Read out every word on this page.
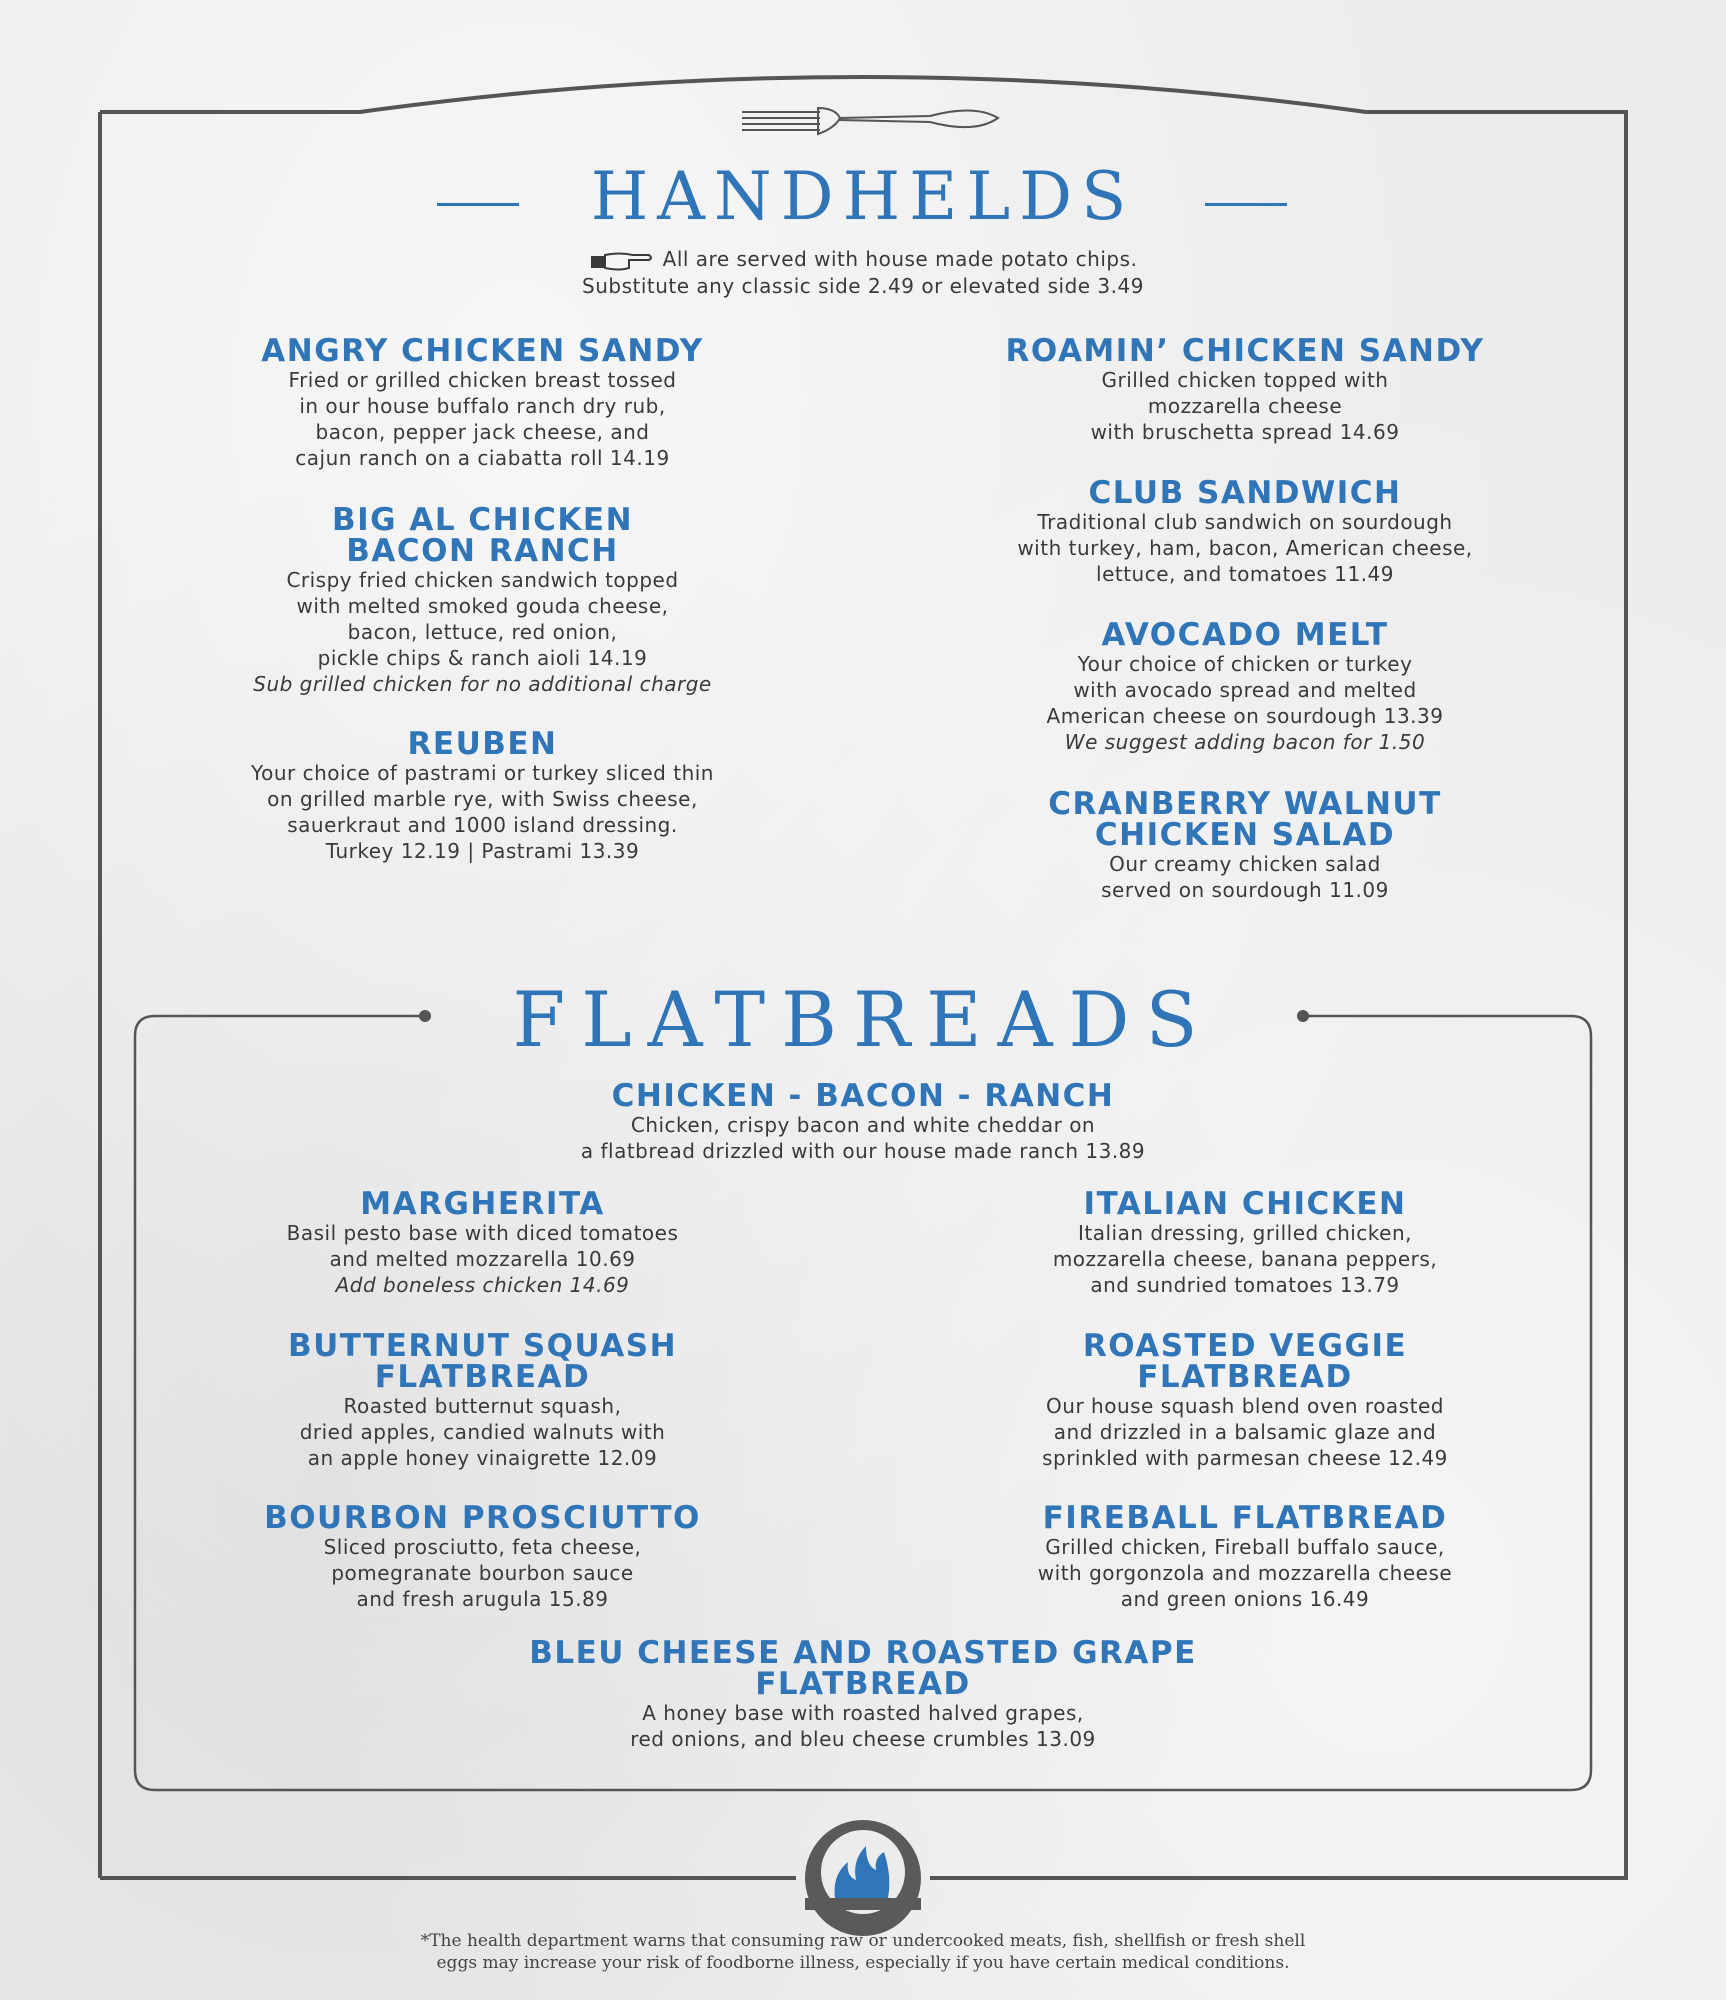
HANDHELDS
All are served with house made potato chips.
Substitute any classic side 2.49 or elevated side 3.49
ANGRY CHICKEN SANDY

Fried or grilled chicken breast tossed

in our house buffalo ranch dry rub,

bacon, pepper jack cheese, and

cajun ranch on a ciabatta roll 14.19

BIG AL CHICKEN
BACON RANCH

Crispy fried chicken sandwich topped

with melted smoked gouda cheese,

bacon, lettuce, red onion,

pickle chips & ranch aioli 14.19

Sub grilled chicken for no additional charge

REUBEN

Your choice of pastrami or turkey sliced thin

on grilled marble rye, with Swiss cheese,

sauerkraut and 1000 island dressing.

Turkey 12.19 | Pastrami 13.39

ROAMIN’ CHICKEN SANDY

Grilled chicken topped with

mozzarella cheese

with bruschetta spread 14.69

CLUB SANDWICH

Traditional club sandwich on sourdough

with turkey, ham, bacon, American cheese,

lettuce, and tomatoes 11.49

AVOCADO MELT

Your choice of chicken or turkey

with avocado spread and melted

American cheese on sourdough 13.39

We suggest adding bacon for 1.50

CRANBERRY WALNUT
CHICKEN SALAD

Our creamy chicken salad

served on sourdough 11.09

FLATBREADS
CHICKEN - BACON - RANCH

Chicken, crispy bacon and white cheddar on

a flatbread drizzled with our house made ranch 13.89

MARGHERITA

Basil pesto base with diced tomatoes

and melted mozzarella 10.69

Add boneless chicken 14.69

ITALIAN CHICKEN

Italian dressing, grilled chicken,

mozzarella cheese, banana peppers,

and sundried tomatoes 13.79

BUTTERNUT SQUASH
FLATBREAD

Roasted butternut squash,

dried apples, candied walnuts with

an apple honey vinaigrette 12.09

ROASTED VEGGIE
FLATBREAD

Our house squash blend oven roasted

and drizzled in a balsamic glaze and

sprinkled with parmesan cheese 12.49

BOURBON PROSCIUTTO

Sliced prosciutto, feta cheese,

pomegranate bourbon sauce

and fresh arugula 15.89

FIREBALL FLATBREAD

Grilled chicken, Fireball buffalo sauce,

with gorgonzola and mozzarella cheese

and green onions 16.49

BLEU CHEESE AND ROASTED GRAPE
FLATBREAD

A honey base with roasted halved grapes,

red onions, and bleu cheese crumbles 13.09

*The health department warns that consuming raw or undercooked meats, fish, shellfish or fresh shell
eggs may increase your risk of foodborne illness, especially if you have certain medical conditions.
